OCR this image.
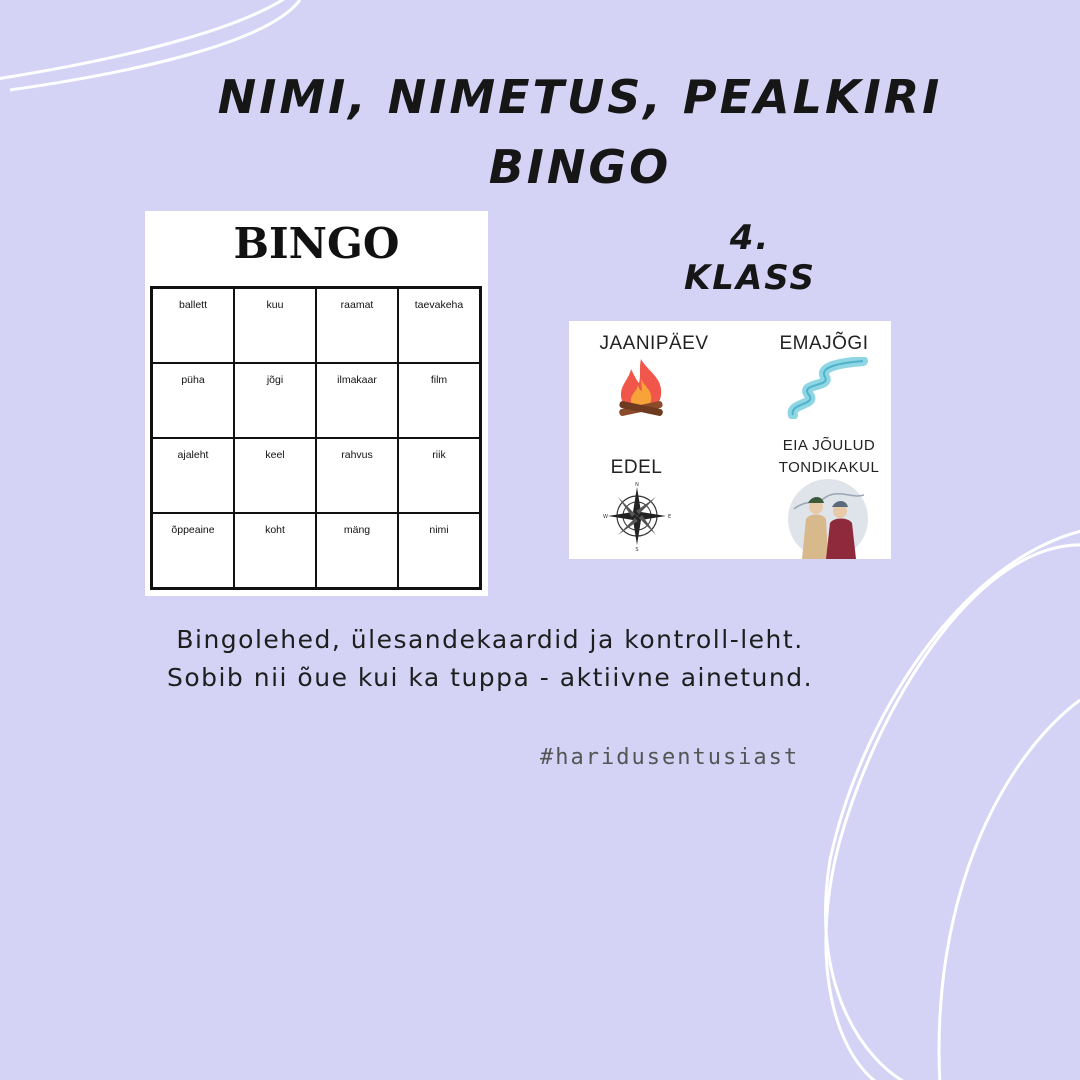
NIMI, NIMETUS, PEALKIRI
BINGO
4. KLASS
BINGO
ballett	kuu	raamat	taevakeha
püha	jõgi	ilmakaar	film
ajaleht	keel	rahvus	riik
õppeaine	koht	mäng	nimi
JAANIPÄEV	EMAJÕGI
EDEL
EIA JÕULUD
TONDIKAKUL
N
S
W	E
Bingolehed, ülesandekaardid ja kontroll-leht.
Sobib nii õue kui ka tuppa - aktiivne ainetund.
#haridusentusiast
